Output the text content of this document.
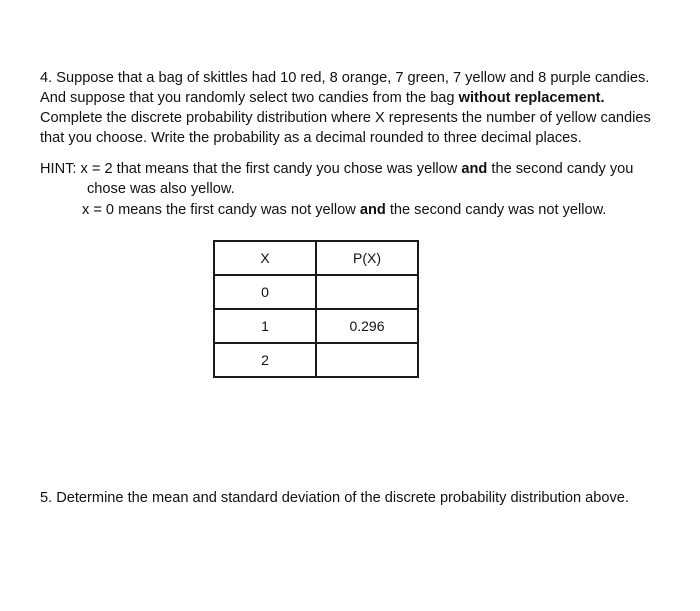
4. Suppose that a bag of skittles had 10 red, 8 orange, 7 green, 7 yellow and 8 purple candies.
And suppose that you randomly select two candies from the bag without replacement.
Complete the discrete probability distribution where X represents the number of yellow candies
that you choose. Write the probability as a decimal rounded to three decimal places.
HINT: x = 2 that means that the first candy you chose was yellow and the second candy you
chose was also yellow.
x = 0 means the first candy was not yellow and the second candy was not yellow.
X	P(X)
0	
1	0.296
2	
5. Determine the mean and standard deviation of the discrete probability distribution above.
